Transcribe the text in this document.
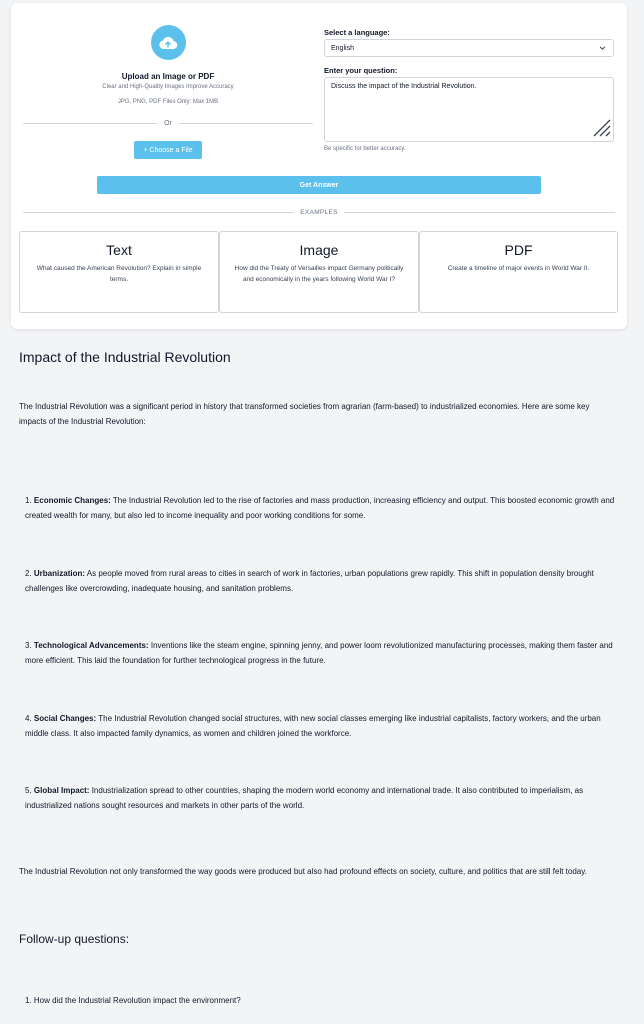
Upload an Image or PDF
Clear and High-Quality Images Improve Accuracy
JPG, PNG, PDF Files Only: Max 1MB
Or
+ Choose a File
Select a language:
English
Enter your question:
Discuss the impact of the Industrial Revolution.
Be specific for better accuracy.
Get Answer
EXAMPLES
Text
What caused the American Revolution? Explain in simple terms.
Image
How did the Treaty of Versailles impact Germany politically and economically in the years following World War I?
PDF
Create a timeline of major events in World War II.
Impact of the Industrial Revolution
The Industrial Revolution was a significant period in history that transformed societies from agrarian (farm-based) to industrialized economies. Here are some key impacts of the Industrial Revolution:
1. Economic Changes: The Industrial Revolution led to the rise of factories and mass production, increasing efficiency and output. This boosted economic growth and created wealth for many, but also led to income inequality and poor working conditions for some.
2. Urbanization: As people moved from rural areas to cities in search of work in factories, urban populations grew rapidly. This shift in population density brought challenges like overcrowding, inadequate housing, and sanitation problems.
3. Technological Advancements: Inventions like the steam engine, spinning jenny, and power loom revolutionized manufacturing processes, making them faster and more efficient. This laid the foundation for further technological progress in the future.
4. Social Changes: The Industrial Revolution changed social structures, with new social classes emerging like industrial capitalists, factory workers, and the urban middle class. It also impacted family dynamics, as women and children joined the workforce.
5. Global Impact: Industrialization spread to other countries, shaping the modern world economy and international trade. It also contributed to imperialism, as industrialized nations sought resources and markets in other parts of the world.
The Industrial Revolution not only transformed the way goods were produced but also had profound effects on society, culture, and politics that are still felt today.
Follow-up questions:
1. How did the Industrial Revolution impact the environment?
